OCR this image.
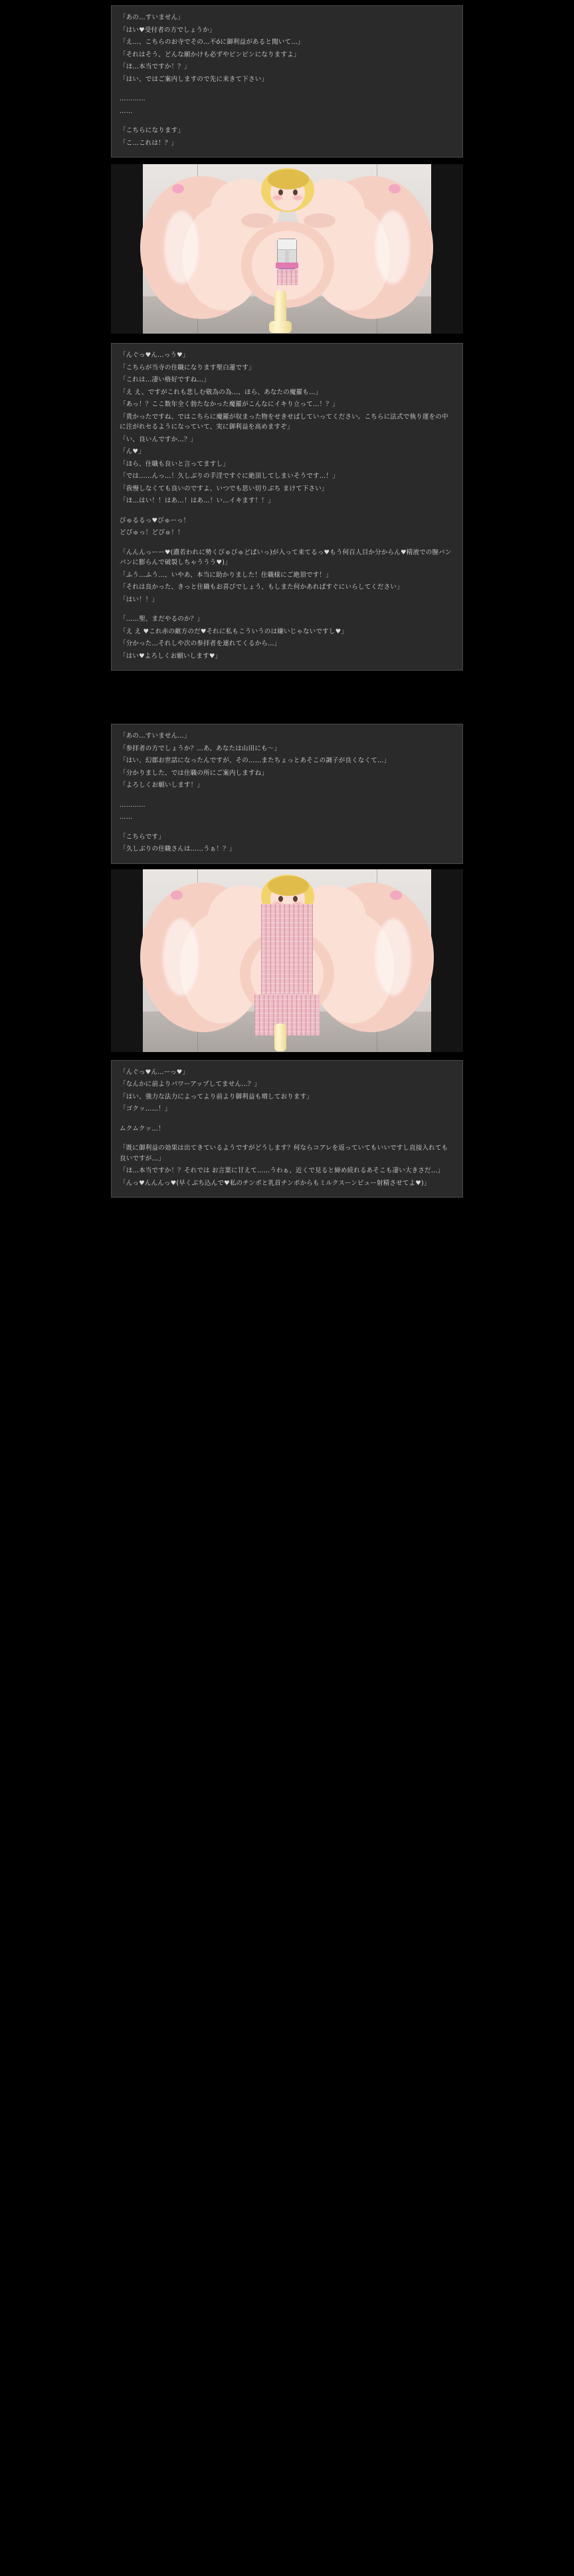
「あの…すいません」
「はい♥受付者の方でしょうか」
「え…、こちらのお寺でその…不όに御利益があると聞いて…」
「それはそう、どんな願かけも必ずやピンピンになりますよ」
「ほ…本当ですか！？」
「はい、ではご案内しますので先に来きて下さい」
…………
……
「こちらになります」
「こ…これは！？」
「んぐっ♥ん…っう♥」
「こちらが当寺の住職になります聖白蓮です」
「これは…凄い格好ですね…」
「え え、ですがこれも悲しむ敬為の為…、ほら、あなたの魔羅も…」
「あっ！？ここ数年全く勃たなかった魔羅がこんなにイキり立って…！？」
「貴かったですね、ではこちらに魔羅が収まった物をせきせばしていってください。こちらに法式で執り運をの中に注がれセるようになっていて、実に御利益を高めますぞ」
「い、良いんですか…？」
「ん♥」
「ほら、住職も良いと言ってますし」
「では……んっ…！久しぶりの手淫ですぐに絶頂してしまいそうです…！」
「我慢しなくても良いのですよ、いつでも思い切りぶち まけて下さい」
「ほ…はい！！はあ…！はあ…！い…イキます！！」
びゅるるっ♥びゅーっ！
どぴゅっ！どぴゅ！！
「んんんっーー♥(濃若われに勢くびゅびゅどぱいっ)が入って来てるっ♥もう何百人目か分からん♥精液での膣バンパンに膨らんで破裂しちゃううう♥)」
「ふう…ふう…、いやあ、本当に助かりました！住職様にご絶頂です！」
「それは良かった、きっと住職もお喜びでしょう、もしまた何かあればすぐにいらしてください」
「はい！！」
「……聖、まだやるのか？」
「え え ♥これ赤の敵方のだ♥それに私もこういうのは嫌いじゃないですし♥」
「分かった…それしや次の参拝者を連れてくるから…」
「はい♥よろしくお願いします♥」
「あの…すいません…」
「参拝者の方でしょうか？…あ、あなたは山田にも～」
「はい、幻郡お世話になったんですが、その……またちょっとあそこの調子が良くなくて…」
「分かりました、では住職の所にご案内しますね」
「よろしくお願いします！」
…………
……
「こちらです」
「久しぶりの住職さんは……うぁ！？」
「んぐっ♥ん…ーっ♥」
「なんかに前よりパワーアップしてません…？」
「はい、強力な法力によってより前より御利益も増しております」
「ゴクッ……！」
ムクムクッ…！
「既に御利益の効果は出てきているようですがどうします？何ならコアレを返っていてもいいですし直接入れても良いですが…」
「ほ…本当ですか！？それでは お言葉に甘えて……うわぁ、近くで見ると締め続れるあそこも凄い大きさだ…」
「んっ♥んんんっ♥(早くぶち込んで♥私のチンポと乳首チンポからもミルクスーンピュー射精させてよ♥)」
